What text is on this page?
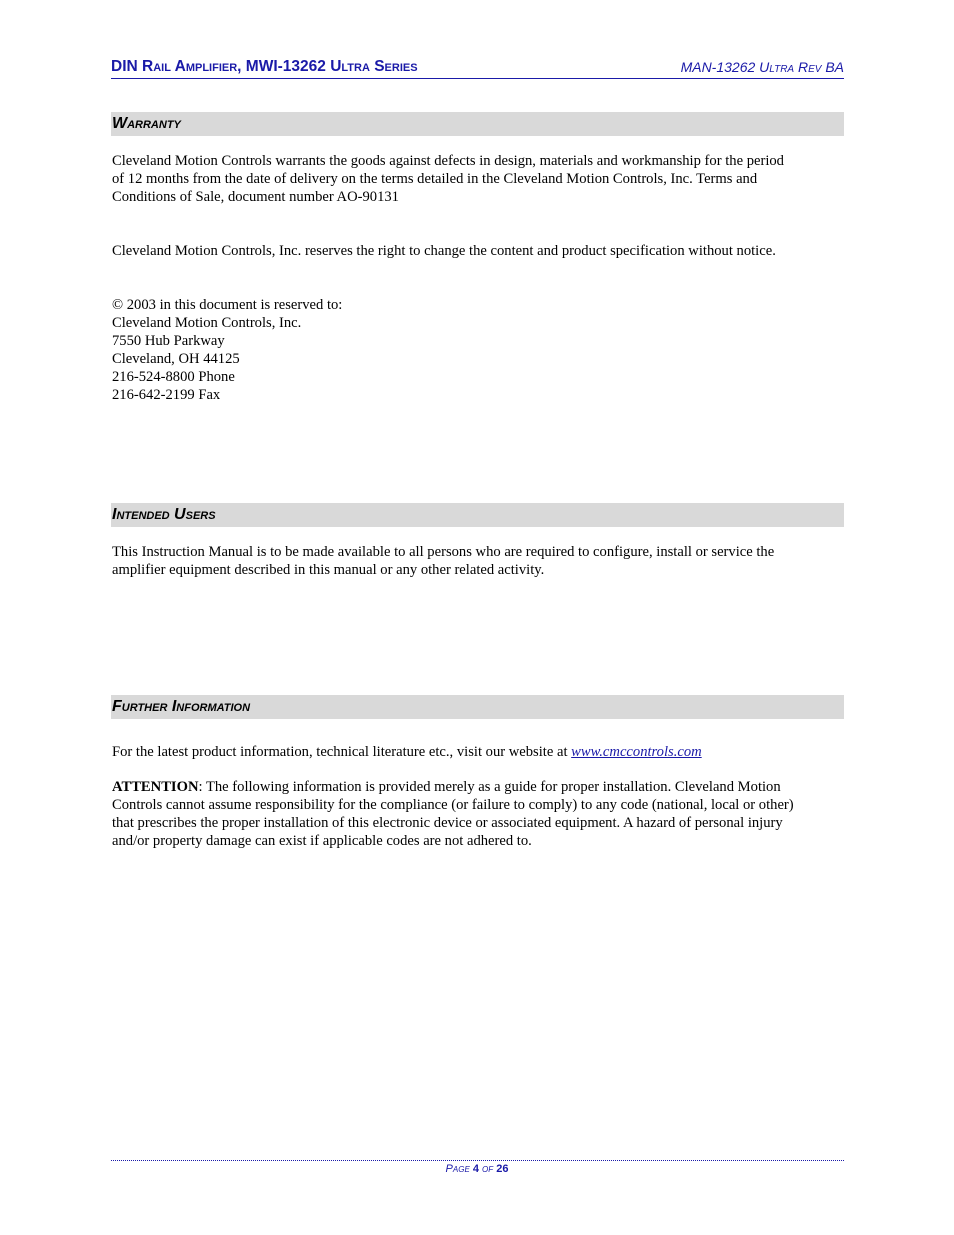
DIN Rail Amplifier, MWI-13262 Ultra Series	MAN-13262 Ultra Rev BA
Warranty

Cleveland Motion Controls warrants the goods against defects in design, materials and workmanship for the period
of 12 months from the date of delivery on the terms detailed in the Cleveland Motion Controls, Inc. Terms and
Conditions of Sale, document number AO-90131

Cleveland Motion Controls, Inc. reserves the right to change the content and product specification without notice.

© 2003 in this document is reserved to:
Cleveland Motion Controls, Inc.
7550 Hub Parkway
Cleveland, OH 44125
216-524-8800 Phone
216-642-2199 Fax

Intended Users

This Instruction Manual is to be made available to all persons who are required to configure, install or service the
amplifier equipment described in this manual or any other related activity.

Further Information

For the latest product information, technical literature etc., visit our website at www.cmccontrols.com

ATTENTION: The following information is provided merely as a guide for proper installation. Cleveland Motion
Controls cannot assume responsibility for the compliance (or failure to comply) to any code (national, local or other)
that prescribes the proper installation of this electronic device or associated equipment. A hazard of personal injury
and/or property damage can exist if applicable codes are not adhered to.

Page 4 of 26
